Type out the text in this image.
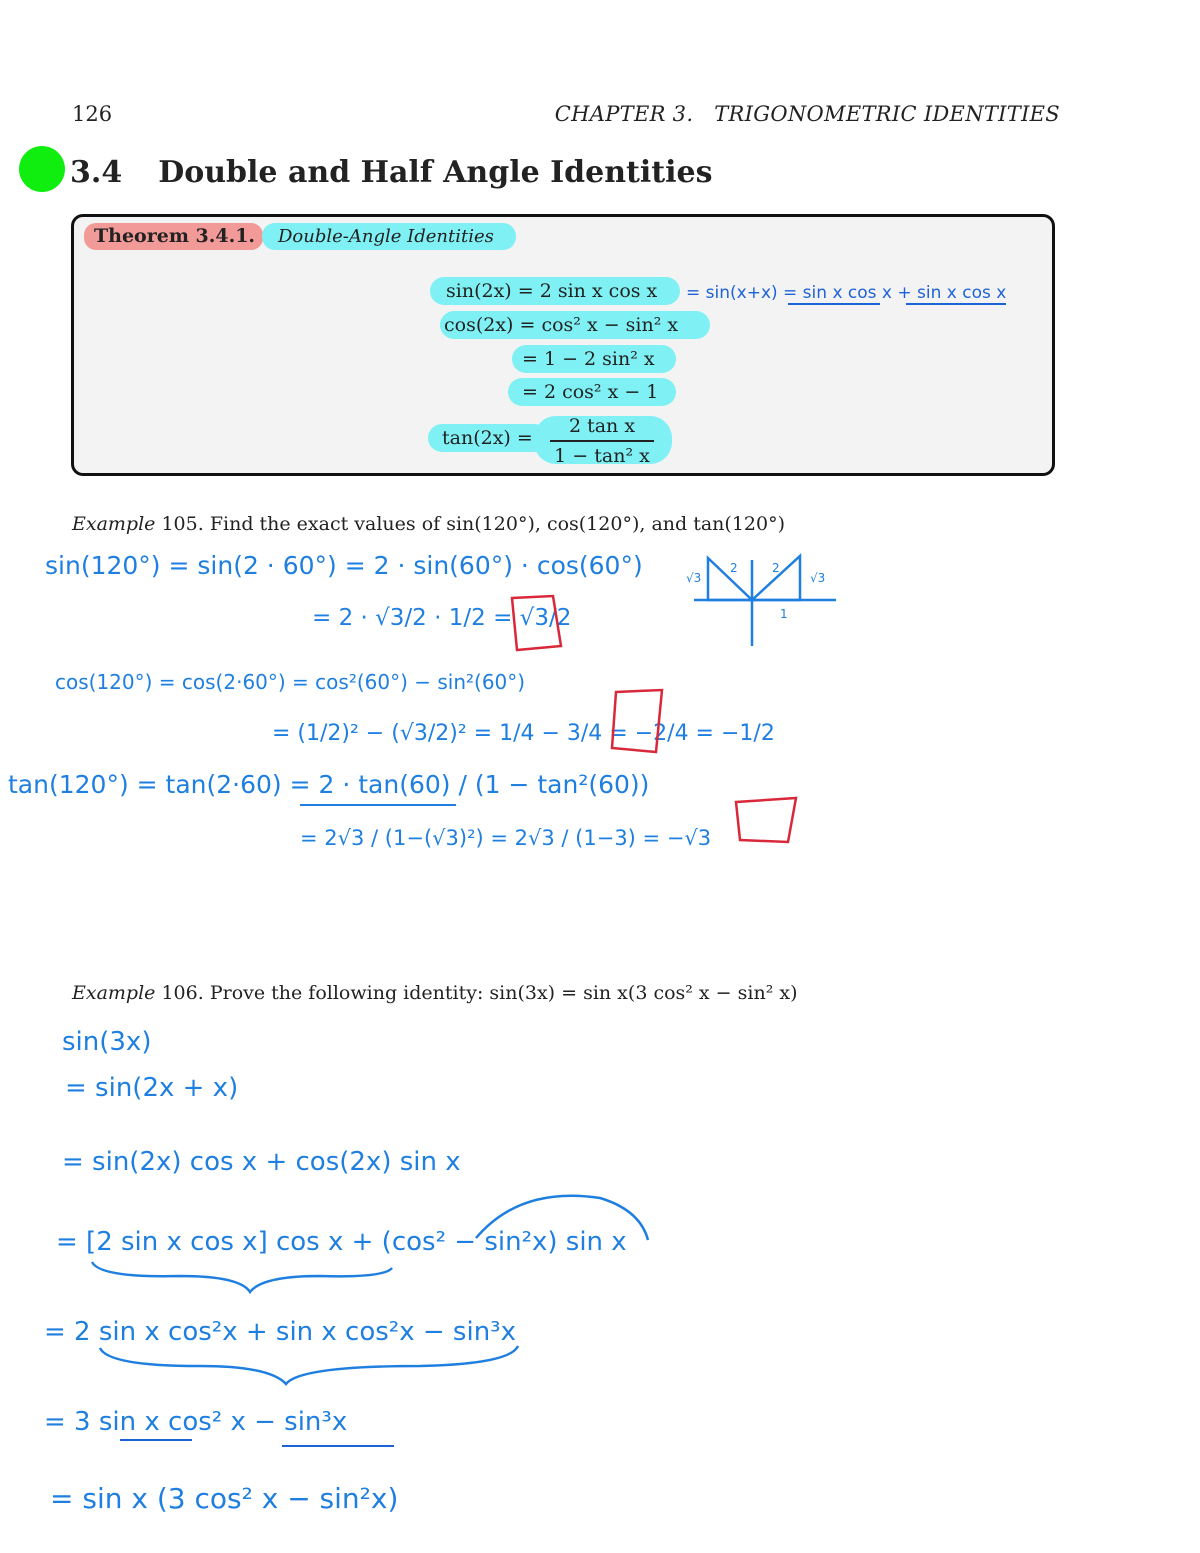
126	CHAPTER 3.   TRIGONOMETRIC IDENTITIES
3.4 Double and Half Angle Identities
Theorem 3.4.1.	Double-Angle Identities
sin(2x) = 2 sin x cos x
cos(2x) = cos² x − sin² x
= 1 − 2 sin² x
= 2 cos² x − 1
tan(2x) =
2 tan x
1 − tan² x
Example 105. Find the exact values of sin(120°), cos(120°), and tan(120°)
Example 106. Prove the following identity: sin(3x) = sin x(3 cos² x − sin² x)
= sin(x+x) = sin x cos x + sin x cos x
sin(120°) = sin(2 · 60°) = 2 · sin(60°) · cos(60°)
= 2 · √3/2 · 1/2 = √3/2
cos(120°) = cos(2·60°) = cos²(60°) − sin²(60°)
= (1/2)² − (√3/2)² = 1/4 − 3/4 = −2/4 = −1/2
tan(120°) = tan(2·60) = 2 · tan(60) / (1 − tan²(60))
= 2√3 / (1−(√3)²) = 2√3 / (1−3) = −√3
√3
2	2
√3
1
sin(3x)
= sin(2x + x)
= sin(2x) cos x + cos(2x) sin x
= [2 sin x cos x] cos x + (cos² − sin²x) sin x
= 2 sin x cos²x + sin x cos²x − sin³x
= 3 sin x cos² x − sin³x
= sin x (3 cos² x − sin²x)
